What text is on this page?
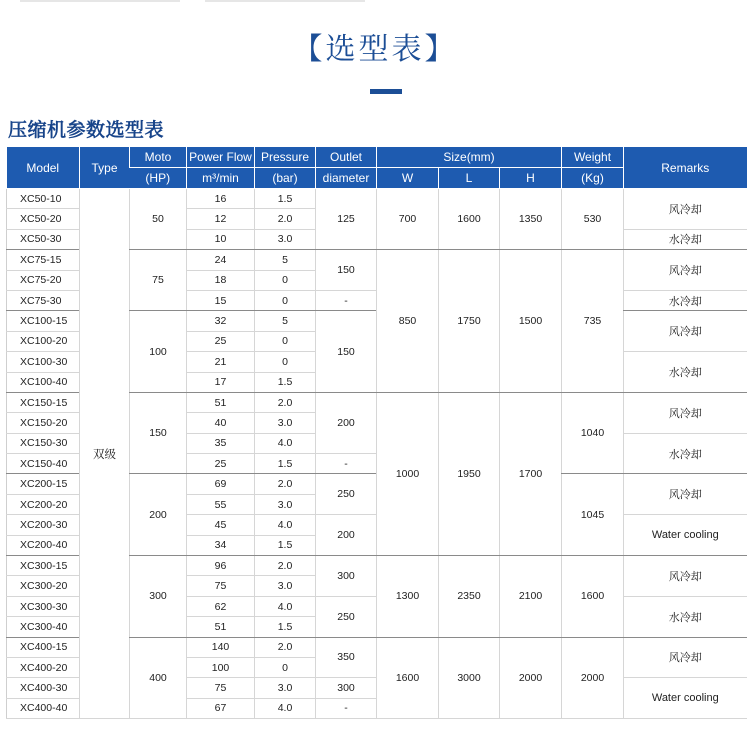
【选型表】
压缩机参数选型表
Model	Type	Moto	Power Flow	Pressure	Outlet	Size(mm)			Weight	Remarks
		(HP)	m³/min	(bar)	diameter	W	L	H	(Kg)	
XC50-10	双级	50	16	1.5	125	700	1600	1350	530	风冷却
XC50-20			12	2.0						
XC50-30			10	3.0						水冷却
XC75-15		75	24	5	150	850	1750	1500	735	风冷却
XC75-20			18	0						
XC75-30			15	0	-					水冷却
XC100-15		100	32	5	150					风冷却
XC100-20			25	0						
XC100-30			21	0						水冷却
XC100-40			17	1.5						
XC150-15		150	51	2.0	200	1000	1950	1700	1040	风冷却
XC150-20			40	3.0						
XC150-30			35	4.0						水冷却
XC150-40			25	1.5	-					
XC200-15		200	69	2.0	250				1045	风冷却
XC200-20			55	3.0						
XC200-30			45	4.0	200					Water cooling
XC200-40			34	1.5						
XC300-15		300	96	2.0	300	1300	2350	2100	1600	风冷却
XC300-20			75	3.0						
XC300-30			62	4.0	250					水冷却
XC300-40			51	1.5						
XC400-15		400	140	2.0	350	1600	3000	2000	2000	风冷却
XC400-20			100	0						
XC400-30			75	3.0	300					Water cooling
XC400-40			67	4.0	-					
